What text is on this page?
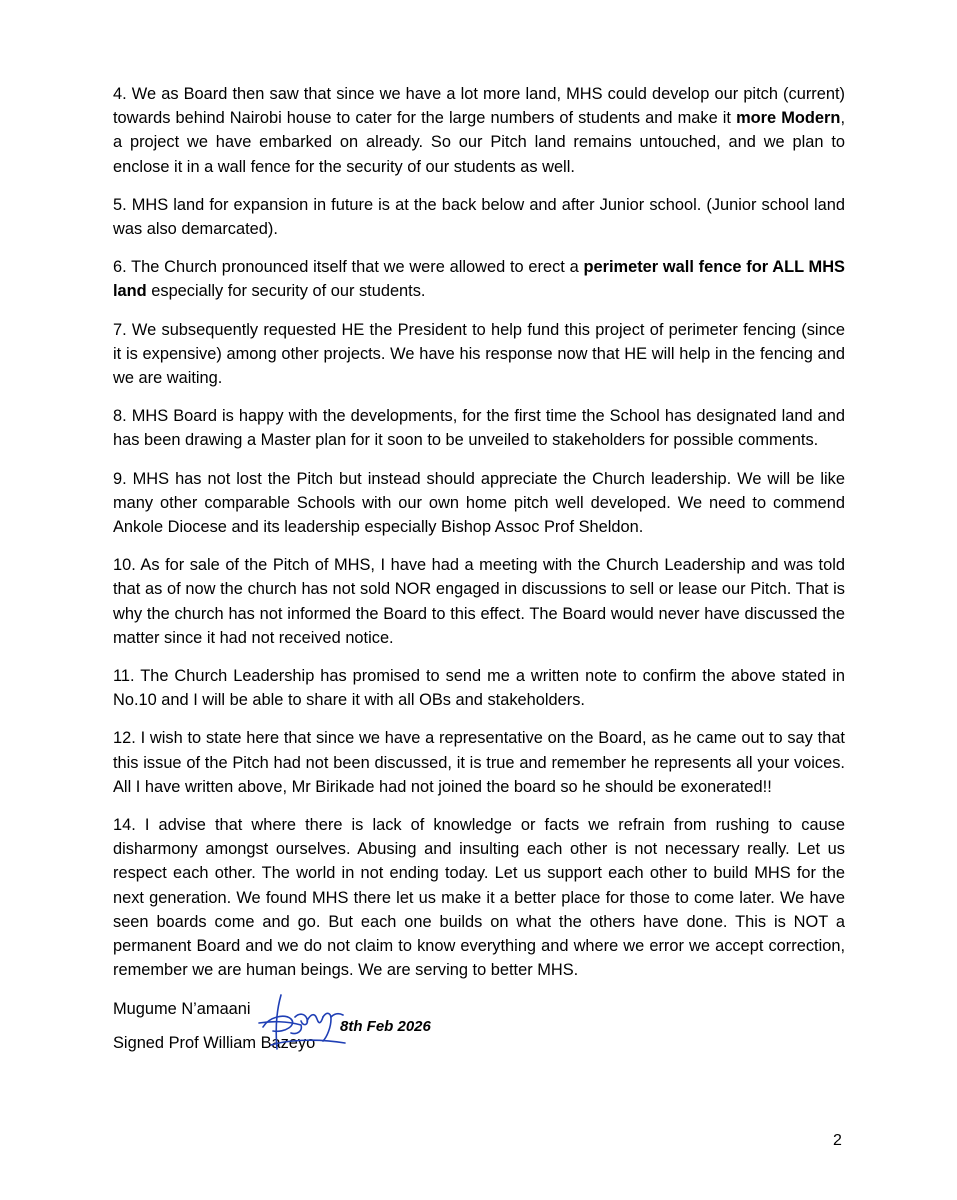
4. We as Board then saw that since we have a lot more land, MHS could develop our pitch (current) towards behind Nairobi house to cater for the large numbers of students and make it more Modern, a project we have embarked on already. So our Pitch land remains untouched, and we plan to enclose it in a wall fence for the security of our students as well.

5. MHS land for expansion in future is at the back below and after Junior school. (Junior school land was also demarcated).

6. The Church pronounced itself that we were allowed to erect a perimeter wall fence for ALL MHS land especially for security of our students.

7. We subsequently requested HE the President to help fund this project of perimeter fencing (since it is expensive) among other projects. We have his response now that HE will help in the fencing and we are waiting.

8. MHS Board is happy with the developments, for the first time the School has designated land and has been drawing a Master plan for it soon to be unveiled to stakeholders for possible comments.

9. MHS has not lost the Pitch but instead should appreciate the Church leadership. We will be like many other comparable Schools with our own home pitch well developed. We need to commend Ankole Diocese and its leadership especially Bishop Assoc Prof Sheldon.

10. As for sale of the Pitch of MHS, I have had a meeting with the Church Leadership and was told that as of now the church has not sold NOR engaged in discussions to sell or lease our Pitch. That is why the church has not informed the Board to this effect. The Board would never have discussed the matter since it had not received notice.

11. The Church Leadership has promised to send me a written note to confirm the above stated in No.10 and I will be able to share it with all OBs and stakeholders.

12. I wish to state here that since we have a representative on the Board, as he came out to say that this issue of the Pitch had not been discussed, it is true and remember he represents all your voices. All I have written above, Mr Birikade had not joined the board so he should be exonerated!!

14. I advise that where there is lack of knowledge or facts we refrain from rushing to cause disharmony amongst ourselves. Abusing and insulting each other is not necessary really. Let us respect each other. The world in not ending today. Let us support each other to build MHS for the next generation. We found MHS there let us make it a better place for those to come later. We have seen boards come and go. But each one builds on what the others have done. This is NOT a permanent Board and we do not claim to know everything and where we error we accept correction, remember we are human beings. We are serving to better MHS.

Mugume N’amaani
Signed Prof William Bazeyo
8th Feb 2026
2
